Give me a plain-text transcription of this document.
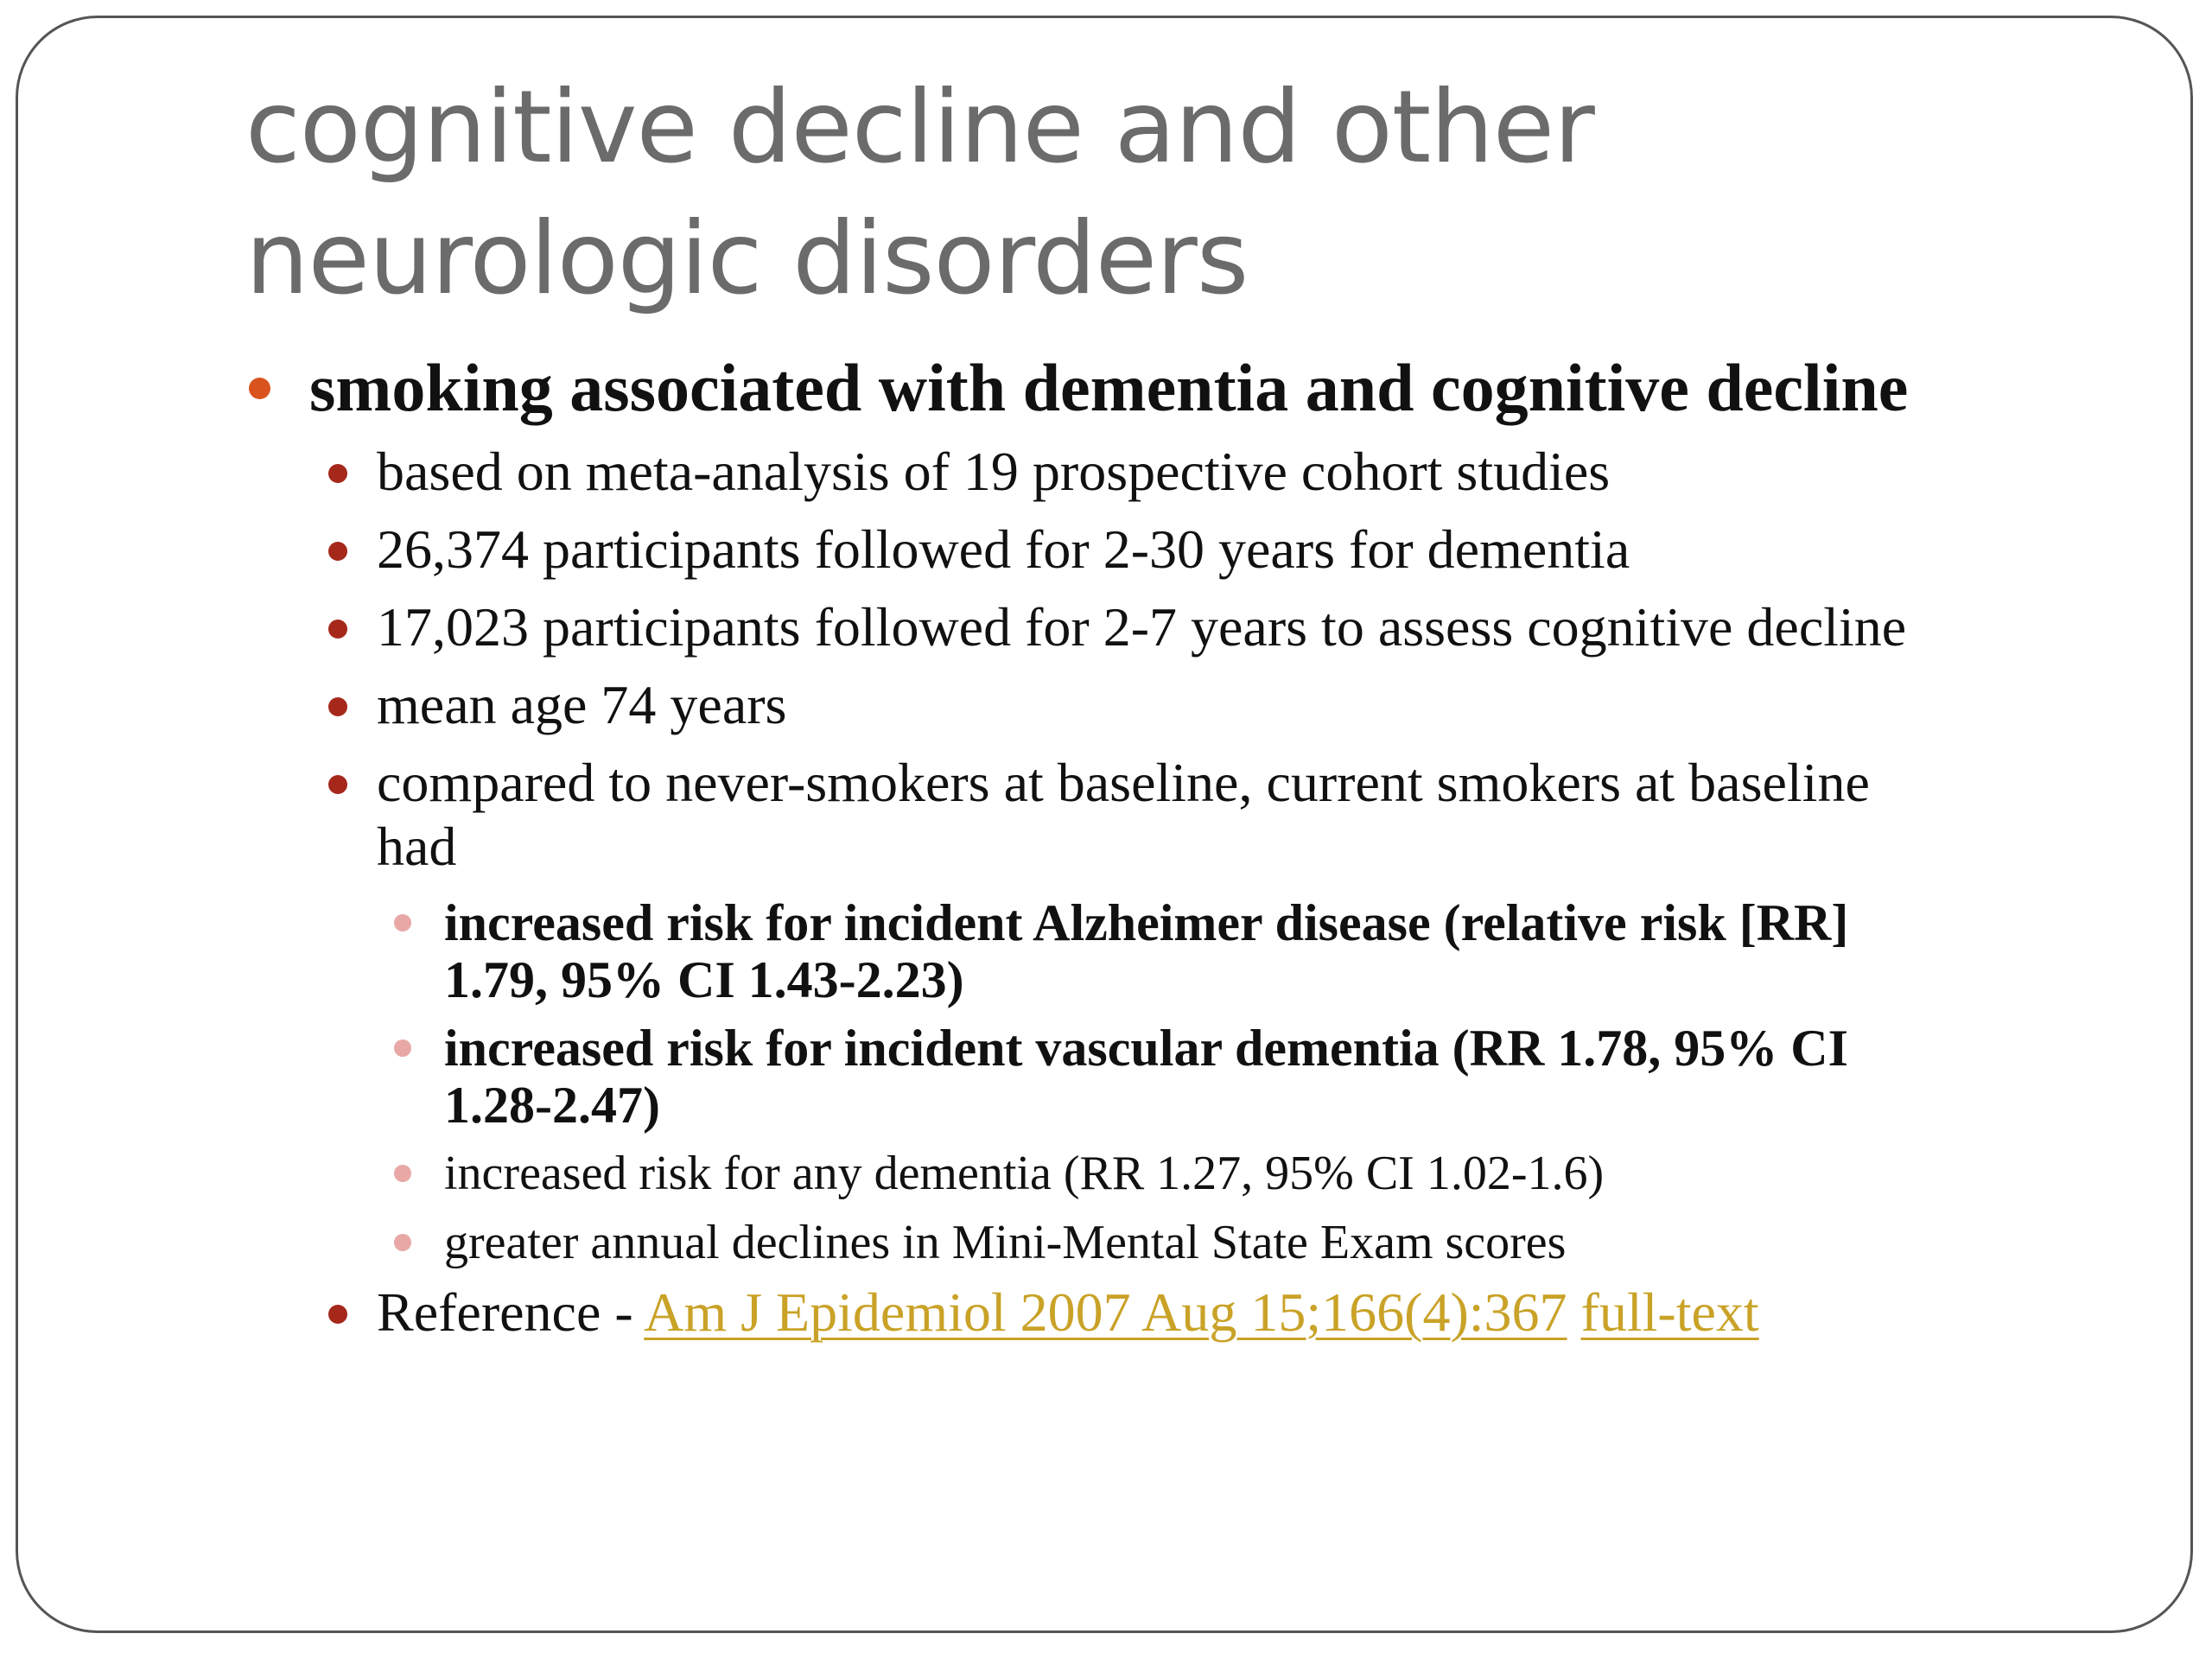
cognitive decline and other neurologic disorders

smoking associated with dementia and cognitive decline

based on meta-analysis of 19 prospective cohort studies

26,374 participants followed for 2-30 years for dementia

17,023 participants followed for 2-7 years to assess cognitive decline

mean age 74 years

compared to never-smokers at baseline, current smokers at baseline

had

increased risk for incident Alzheimer disease (relative risk [RR]

1.79, 95% CI 1.43-2.23)

increased risk for incident vascular dementia (RR 1.78, 95% CI

1.28-2.47)

increased risk for any dementia (RR 1.27, 95% CI 1.02-1.6)

greater annual declines in Mini-Mental State Exam scores

Reference - Am J Epidemiol 2007 Aug 15;166(4):367 full-text
